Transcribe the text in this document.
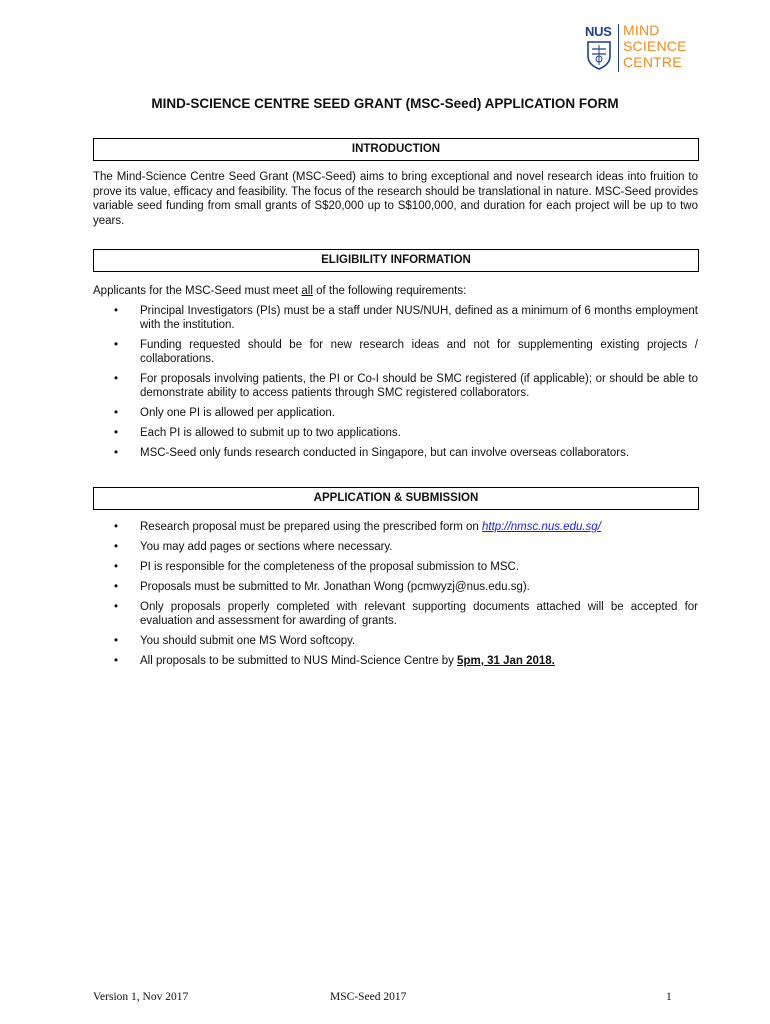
NUS MIND
SCIENCE
CENTRE
MIND-SCIENCE CENTRE SEED GRANT (MSC-Seed) APPLICATION FORM
INTRODUCTION
The Mind-Science Centre Seed Grant (MSC-Seed) aims to bring exceptional and novel research ideas into fruition to prove its value, efficacy and feasibility. The focus of the research should be translational in nature. MSC-Seed provides variable seed funding from small grants of S$20,000 up to S$100,000, and duration for each project will be up to two years.
ELIGIBILITY INFORMATION
Applicants for the MSC-Seed must meet all of the following requirements:
• Principal Investigators (PIs) must be a staff under NUS/NUH, defined as a minimum of 6 months employment with the institution.
• Funding requested should be for new research ideas and not for supplementing existing projects / collaborations.
• For proposals involving patients, the PI or Co-I should be SMC registered (if applicable); or should be able to demonstrate ability to access patients through SMC registered collaborators.
• Only one PI is allowed per application.
• Each PI is allowed to submit up to two applications.
• MSC-Seed only funds research conducted in Singapore, but can involve overseas collaborators.
APPLICATION & SUBMISSION
• Research proposal must be prepared using the prescribed form on http://nmsc.nus.edu.sg/
• You may add pages or sections where necessary.
• PI is responsible for the completeness of the proposal submission to MSC.
• Proposals must be submitted to Mr. Jonathan Wong (pcmwyzj@nus.edu.sg).
• Only proposals properly completed with relevant supporting documents attached will be accepted for evaluation and assessment for awarding of grants.
• You should submit one MS Word softcopy.
• All proposals to be submitted to NUS Mind-Science Centre by 5pm, 31 Jan 2018.
Version 1, Nov 2017	MSC-Seed 2017	1
